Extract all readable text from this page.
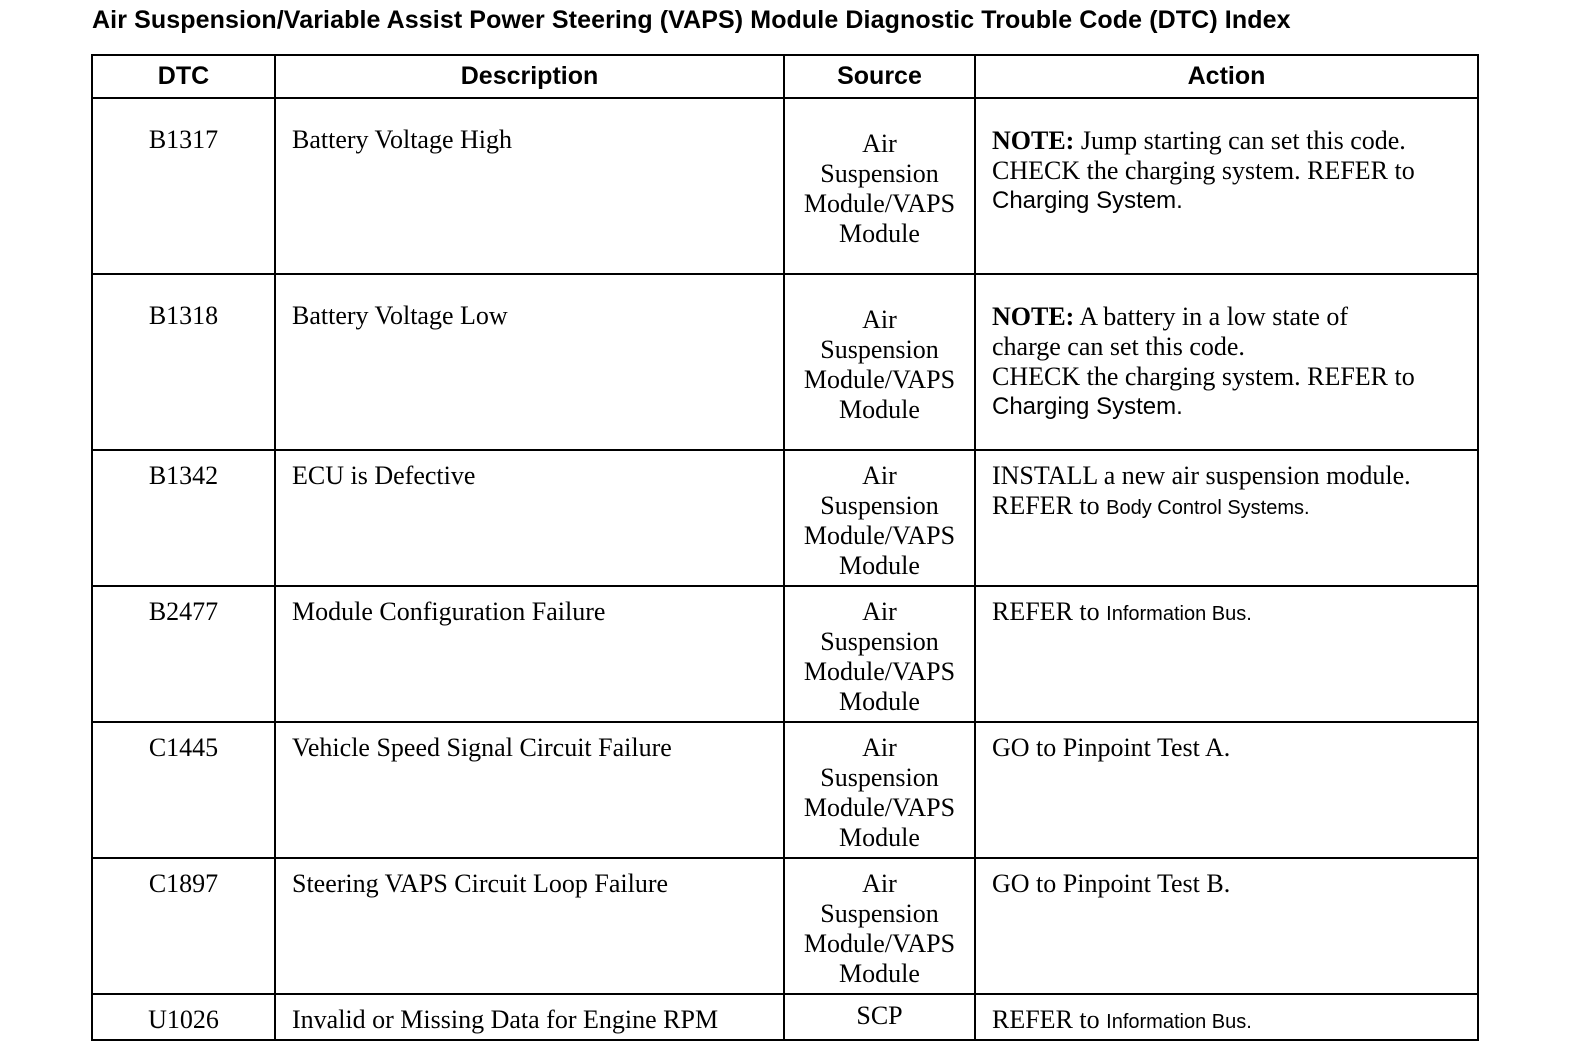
Air Suspension/Variable Assist Power Steering (VAPS) Module Diagnostic Trouble Code (DTC) Index
DTC	Description	Source	Action
B1317	Battery Voltage High	Air
Suspension
Module/VAPS
Module	NOTE: Jump starting can set this code.
CHECK the charging system. REFER to
Charging System.

B1318	Battery Voltage Low	Air
Suspension
Module/VAPS
Module	NOTE: A battery in a low state of
charge can set this code.
CHECK the charging system. REFER to
Charging System.

B1342	ECU is Defective	Air
Suspension
Module/VAPS
Module	INSTALL a new air suspension module.
REFER to Body Control Systems.

B2477	Module Configuration Failure	Air
Suspension
Module/VAPS
Module	REFER to Information Bus.

C1445	Vehicle Speed Signal Circuit Failure	Air
Suspension
Module/VAPS
Module	GO to Pinpoint Test A.

C1897	Steering VAPS Circuit Loop Failure	Air
Suspension
Module/VAPS
Module	GO to Pinpoint Test B.

U1026	Invalid or Missing Data for Engine RPM	SCP	REFER to Information Bus.
